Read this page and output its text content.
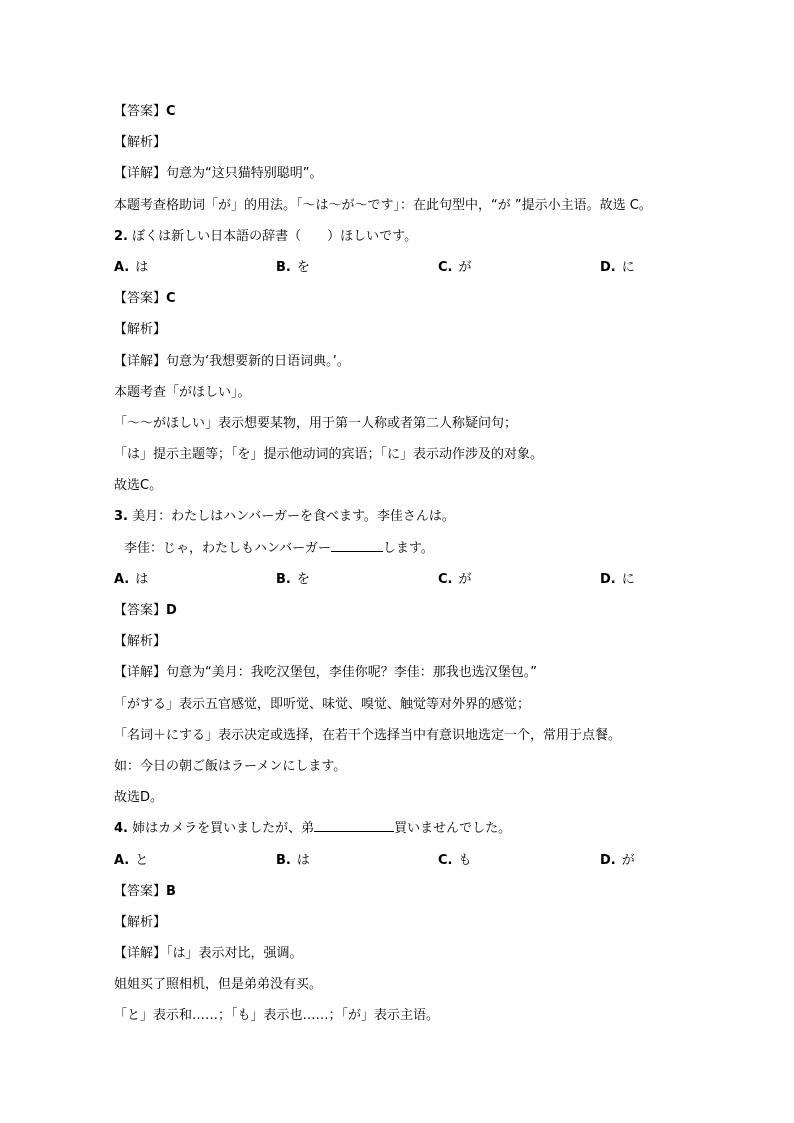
【答案】C
【解析】
【详解】句意为“这只猫特别聪明”。
本题考查格助词「が」的用法。「～は～が～です」：在此句型中，“が ”提示小主语。故选 C。
2. ぼくは新しい日本語の辞書（ ）ほしいです。
A. は	B. を	C. が	D. に
【答案】C
【解析】
【详解】句意为‘我想要新的日语词典。’。
本题考查「がほしい」。
「～～がほしい」表示想要某物，用于第一人称或者第二人称疑问句；
「は」提示主题等；「を」提示他动词的宾语；「に」表示动作涉及的对象。
故选C。
3. 美月：わたしはハンバーガーを食べます。李佳さんは。
李佳：じゃ，わたしもハンバーガー	します。
A. は	B. を	C. が	D. に
【答案】D
【解析】
【详解】句意为“美月：我吃汉堡包，李佳你呢？李佳：那我也选汉堡包。”
「がする」表示五官感觉，即听觉、味觉、嗅觉、触觉等对外界的感觉；
「名词＋にする」表示决定或选择，在若干个选择当中有意识地选定一个，常用于点餐。
如：今日の朝ご飯はラーメンにします。
故选D。
4. 姉はカメラを買いましたが、弟	買いませんでした。
A. と	B. は	C. も	D. が
【答案】B
【解析】
【详解】「は」表示对比，强调。
姐姐买了照相机，但是弟弟没有买。
「と」表示和……；「も」表示也……；「が」表示主语。
